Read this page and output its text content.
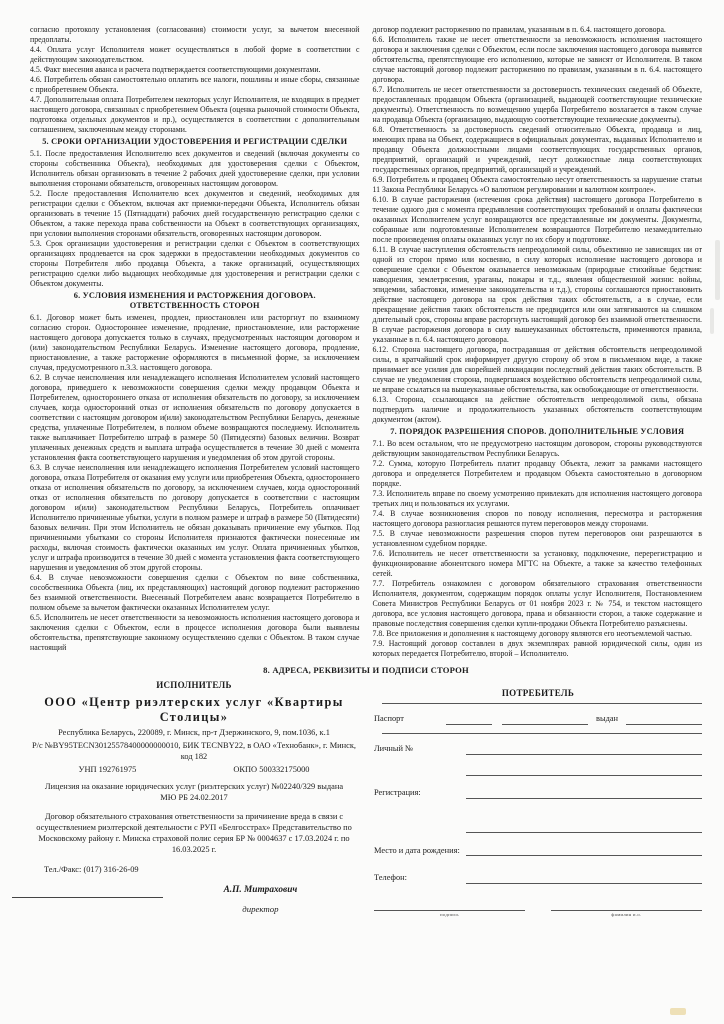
согласно протоколу установления (согласования) стоимости услуг, за вычетом внесенной предоплаты.

4.4. Оплата услуг Исполнителя может осуществляться в любой форме в соответствии с действующим законодательством.

4.5. Факт внесения аванса и расчета подтверждается соответствующими документами.

4.6. Потребитель обязан самостоятельно оплатить все налоги, пошлины и иные сборы, связанные с приобретением Объекта.

4.7. Дополнительная оплата Потребителем некоторых услуг Исполнителя, не входящих в предмет настоящего договора, связанных с приобретением Объекта (оценка рыночной стоимости Объекта, подготовка отдельных документов и пр.), осуществляется в соответствии с дополнительным соглашением, заключенным между сторонами.

5. СРОКИ ОРГАНИЗАЦИИ УДОСТОВЕРЕНИЯ И РЕГИСТРАЦИИ СДЕЛКИ

5.1. После предоставления Исполнителю всех документов и сведений (включая документы со стороны собственника Объекта), необходимых для удостоверения сделки с Объектом, Исполнитель обязан организовать в течение 2 рабочих дней удостоверение сделки, при условии выполнения сторонами обязательств, оговоренных настоящим договором.

5.2. После предоставления Исполнителю всех документов и сведений, необходимых для регистрации сделки с Объектом, включая акт приемки-передачи Объекта, Исполнитель обязан организовать в течение 15 (Пятнадцати) рабочих дней государственную регистрацию сделки с Объектом, а также перехода права собственности на Объект в соответствующих организациях, при условии выполнения сторонами обязательств, оговоренных настоящим договором.

5.3. Срок организации удостоверения и регистрации сделки с Объектом в соответствующих организациях продлевается на срок задержки в предоставлении необходимых документов со стороны Потребителя либо продавца Объекта, а также организаций, осуществляющих регистрацию сделки либо выдающих необходимые для удостоверения и регистрации сделки с Объектом документы.

6. УСЛОВИЯ ИЗМЕНЕНИЯ И РАСТОРЖЕНИЯ ДОГОВОРА. ОТВЕТСТВЕННОСТЬ СТОРОН

6.1. Договор может быть изменен, продлен, приостановлен или расторгнут по взаимному согласию сторон. Одностороннее изменение, продление, приостановление, или расторжение настоящего договора допускается только в случаях, предусмотренных настоящим договором и (или) законодательством Республики Беларусь. Изменение настоящего договора, продление, приостановление, а также расторжение оформляются в письменной форме, за исключением случая, предусмотренного п.3.3. настоящего договора.

6.2. В случае неисполнения или ненадлежащего исполнения Исполнителем условий настоящего договора, приведшего к невозможности совершения сделки между продавцом Объекта и Потребителем, одностороннего отказа от исполнения обязательств по договору, за исключением случаев, когда односторонний отказ от исполнения обязательств по договору допускается в соответствии с настоящим договором и(или) законодательством Республики Беларусь, денежные средства, уплаченные Потребителем, в полном объеме возвращаются последнему. Исполнитель также выплачивает Потребителю штраф в размере 50 (Пятидесяти) базовых величин. Возврат уплаченных денежных средств и выплата штрафа осуществляется в течение 30 дней с момента установления факта соответствующего нарушения и уведомления об этом другой стороны.

6.3. В случае неисполнения или ненадлежащего исполнения Потребителем условий настоящего договора, отказа Потребителя от оказания ему услуги или приобретения Объекта, одностороннего отказа от исполнения обязательств по договору, за исключением случаев, когда односторонний отказ от исполнения обязательств по договору допускается в соответствии с настоящим договором и(или) законодательством Республики Беларусь, Потребитель оплачивает Исполнителю причиненные убытки, услуги в полном размере и штраф в размере 50 (Пятидесяти) базовых величин. При этом Исполнитель не обязан доказывать причинение ему убытков. Под причиненными убытками со стороны Исполнителя признаются фактически понесенные им расходы, включая стоимость фактически оказанных им услуг. Оплата причиненных убытков, услуг и штрафа производится в течение 30 дней с момента установления факта соответствующего нарушения и уведомления об этом другой стороны.

6.4. В случае невозможности совершения сделки с Объектом по вине собственника, сособственника Объекта (лиц, их представляющих) настоящий договор подлежит расторжению без взаимной ответственности. Внесенный Потребителем аванс возвращается Потребителю в полном объеме за вычетом фактически оказанных Исполнителем услуг.

6.5. Исполнитель не несет ответственности за невозможность исполнения настоящего договора и заключения сделки с Объектом, если в процессе исполнения договора были выявлены обстоятельства, препятствующие законному осуществлению сделки с Объектом. В таком случае настоящий

договор подлежит расторжению по правилам, указанным в п. 6.4. настоящего договора.

6.6. Исполнитель также не несет ответственности за невозможность исполнения настоящего договора и заключения сделки с Объектом, если после заключения настоящего договора выявятся обстоятельства, препятствующие его исполнению, которые не зависят от Исполнителя. В таком случае настоящий договор подлежит расторжению по правилам, указанным в п. 6.4. настоящего договора.

6.7. Исполнитель не несет ответственности за достоверность технических сведений об Объекте, предоставленных продавцом Объекта (организацией, выдающей соответствующие технические документы). Ответственность по возмещению ущерба Потребителю возлагается в таком случае на продавца Объекта (организацию, выдающую соответствующие технические документы).

6.8. Ответственность за достоверность сведений относительно Объекта, продавца и лиц, имеющих права на Объект, содержащиеся в официальных документах, выданных Исполнителю и продавцу Объекта должностными лицами соответствующих государственных органов, предприятий, организаций и учреждений, несут должностные лица соответствующих государственных органов, предприятий, организаций и учреждений.

6.9. Потребитель и продавец Объекта самостоятельно несут ответственность за нарушение статьи 11 Закона Республики Беларусь «О валютном регулировании и валютном контроле».

6.10. В случае расторжения (истечения срока действия) настоящего договора Потребителю в течение одного дня с момента предъявления соответствующих требований и оплаты фактически оказанных Исполнителем услуг возвращаются все представленные им документы. Документы, собранные или подготовленные Исполнителем возвращаются Потребителю незамедлительно после произведения оплаты оказанных услуг по их сбору и подготовке.

6.11. В случае наступления обстоятельств непреодолимой силы, объективно не зависящих ни от одной из сторон прямо или косвенно, в силу которых исполнение настоящего договора и совершение сделки с Объектом оказывается невозможным (природные стихийные бедствия: наводнения, землетрясения, ураганы, пожары и т.д., явления общественной жизни: войны, эпидемии, забастовки, изменение законодательства и т.д.), стороны соглашаются приостановить действие настоящего договора на срок действия таких обстоятельств, а в случае, если прекращение действия таких обстоятельств не предвидится или они затягиваются на слишком длительный срок, стороны вправе расторгнуть настоящий договор без взаимной ответственности. В случае расторжения договора в силу вышеуказанных обстоятельств, применяются правила, указанные в п. 6.4. настоящего договора.

6.12. Сторона настоящего договора, пострадавшая от действия обстоятельств непреодолимой силы, в кратчайший срок информирует другую сторону об этом в письменном виде, а также принимает все усилия для скорейшей ликвидации последствий действия таких обстоятельств. В случае не уведомления сторона, подвергшаяся воздействию обстоятельств непреодолимой силы, не вправе ссылаться на вышеуказанные обстоятельства, как освобождающие от ответственности.

6.13. Сторона, ссылающаяся на действие обстоятельств непреодолимой силы, обязана подтвердить наличие и продолжительность указанных обстоятельств соответствующим документом (актом).

7. ПОРЯДОК РАЗРЕШЕНИЯ СПОРОВ. ДОПОЛНИТЕЛЬНЫЕ УСЛОВИЯ

7.1. Во всем остальном, что не предусмотрено настоящим договором, стороны руководствуются действующим законодательством Республики Беларусь.

7.2. Сумма, которую Потребитель платит продавцу Объекта, лежит за рамками настоящего договора и определяется Потребителем и продавцом Объекта самостоятельно в договорном порядке.

7.3. Исполнитель вправе по своему усмотрению привлекать для исполнения настоящего договора третьих лиц и пользоваться их услугами.

7.4. В случае возникновения споров по поводу исполнения, пересмотра и расторжения настоящего договора разногласия решаются путем переговоров между сторонами.

7.5. В случае невозможности разрешения споров путем переговоров они разрешаются в установленном судебном порядке.

7.6. Исполнитель не несет ответственности за установку, подключение, перерегистрацию и функционирование абонентского номера МГТС на Объекте, а также за качество телефонных сетей.

7.7. Потребитель ознакомлен с договором обязательного страхования ответственности Исполнителя, документом, содержащим порядок оплаты услуг Исполнителя, Постановлением Совета Министров Республики Беларусь от 01 ноября 2023 г. № 754, и текстом настоящего договора, все условия настоящего договора, права и обязанности сторон, а также содержание и правовые последствия совершения сделки купли-продажи Объекта Потребителю разъяснены.

7.8. Все приложения и дополнения к настоящему договору являются его неотъемлемой частью.

7.9. Настоящий договор составлен в двух экземплярах равной юридической силы, один из которых передается Потребителю, второй – Исполнителю.

8. АДРЕСА, РЕКВИЗИТЫ И ПОДПИСИ СТОРОН
ИСПОЛНИТЕЛЬ
ООО «Центр риэлтерских услуг «Квартиры Столицы»
Республика Беларусь, 220089, г. Минск, пр-т Дзержинского, 9, пом.1036, к.1
Р/с №BY95TECN30125578400000000010, БИК TECNBY22, в ОАО «Технобанк», г. Минск, код 182
УНП 192761975	ОКПО 500332175000
Лицензия на оказание юридических услуг (риэлтерских услуг) №02240/329 выдана МЮ РБ 24.02.2017
Договор обязательного страхования ответственности за причинение вреда в связи с осуществлением риэлтерской деятельности с РУП «Белгосстрах» Представительство по Московскому району г. Минска страховой полис серия БР № 0004637 с 17.03.2024 г. по 16.03.2025 г.
Тел./Факс: (017) 316-26-09
А.П. Митрахович
директор
ПОТРЕБИТЕЛЬ
Паспорт	выдан
Личный №
Регистрация:
Место и дата рождения:
Телефон:
подпись	фамилия и.о.
